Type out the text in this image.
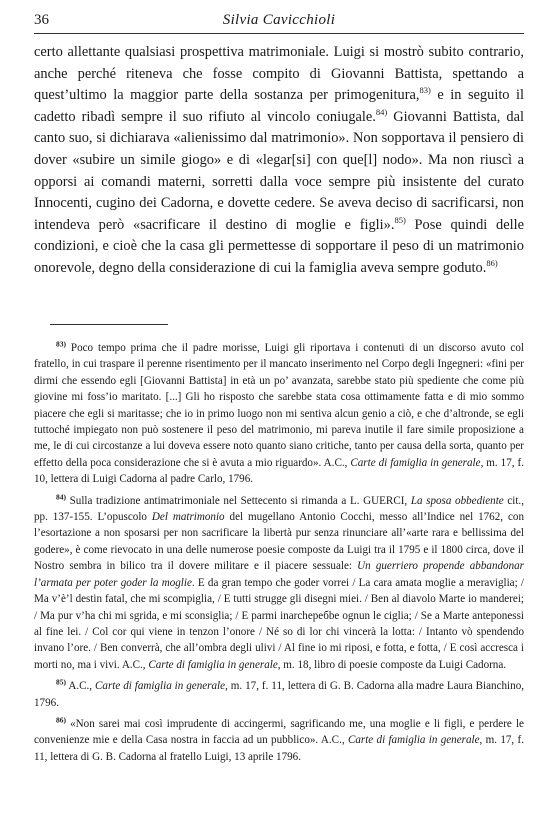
36	Silvia Cavicchioli

certo allettante qualsiasi prospettiva matrimoniale. Luigi si mostrò subito contrario, anche perché riteneva che fosse compito di Giovanni Battista, spettando a quest’ultimo la maggior parte della sostanza per primogenitura,$^{83)}$ e in seguito il cadetto ribadì sempre il suo rifiuto al vincolo coniugale.$^{84)}$ Giovanni Battista, dal canto suo, si dichiarava «alienissimo dal matrimonio». Non sopportava il pensiero di dover «subire un simile giogo» e di «legar[si] con que[l] nodo». Ma non riuscì a opporsi ai comandi materni, sorretti dalla voce sempre più insistente del curato Innocenti, cugino dei Cadorna, e dovette cedere. Se aveva deciso di sacrificarsi, non intendeva però «sacrificare il destino di moglie e figli».$^{85)}$ Pose quindi delle condizioni, e cioè che la casa gli permettesse di sopportare il peso di un matrimonio onorevole, degno della considerazione di cui la famiglia aveva sempre goduto.$^{86)}$

$^{83)}$ Poco tempo prima che il padre morisse, Luigi gli riportava i contenuti di un discorso avuto col fratello, in cui traspare il perenne risentimento per il mancato inserimento nel Corpo degli Ingegneri: «fini per dirmi che essendo egli [Giovanni Battista] in età un po’ avanzata, sarebbe stato più spediente che come più giovine mi foss’io maritato. [...] Gli ho risposto che sarebbe stata cosa ottimamente fatta e di mio sommo piacere che egli si maritasse; che io in primo luogo non mi sentiva alcun genio a ciò, e che d’altronde, se egli tuttoché impiegato non può sostenere il peso del matrimonio, mi pareva inutile il fare simile proposizione a me, le di cui circostanze a lui doveva essere noto quanto siano critiche, tanto per causa della sorta, quanto per effetto della poca considerazione che si è avuta a mio riguardo». A.C., Carte di famiglia in generale, m. 17, f. 10, lettera di Luigi Cadorna al padre Carlo, 1796.

$^{84)}$ Sulla tradizione antimatrimoniale nel Settecento si rimanda a L. GUERCI, La sposa obbediente cit., pp. 137-155. L’opuscolo Del matrimonio del mugellano Antonio Cocchi, messo all’Indice nel 1762, con l’esortazione a non sposarsi per non sacrificare la libertà pur senza rinunciare all’«arte rara e bellissima del godere», è come rievocato in una delle numerose poesie composte da Luigi tra il 1795 e il 1800 circa, dove il Nostro sembra in bilico tra il dovere militare e il piacere sessuale: Un guerriero propende abbandonar l’armata per poter goder la moglie. E da gran tempo che goder vorrei / La cara amata moglie a meraviglia; / Ma v’è’l destin fatal, che mi scompiglia, / E tutti strugge gli disegni miei. / Ben al diavolo Marte io manderei; / Ma pur v’ha chi mi sgrida, e mi sconsiglia; / E parmi inarcheребbe ognun le ciglia; / Se a Marte anteponessi al fine lei. / Col cor qui viene in tenzon l’onore / Né so di lor chi vincerà la lotta: / Intanto vò spendendo invano l’ore. / Ben converrà, che all’ombra degli ulivi / Al fine io mi riposi, e fotta, e fotta, / E così accresca i morti no, ma i vivi. A.C., Carte di famiglia in generale, m. 18, libro di poesie composte da Luigi Cadorna.

$^{85)}$ A.C., Carte di famiglia in generale, m. 17, f. 11, lettera di G. B. Cadorna alla madre Laura Bianchino, 1796.

$^{86)}$ «Non sarei mai così imprudente di accingermi, sagrificando me, una moglie e li figli, e perdere le convenienze mie e della Casa nostra in faccia ad un pubblico». A.C., Carte di famiglia in generale, m. 17, f. 11, lettera di G. B. Cadorna al fratello Luigi, 13 aprile 1796.
